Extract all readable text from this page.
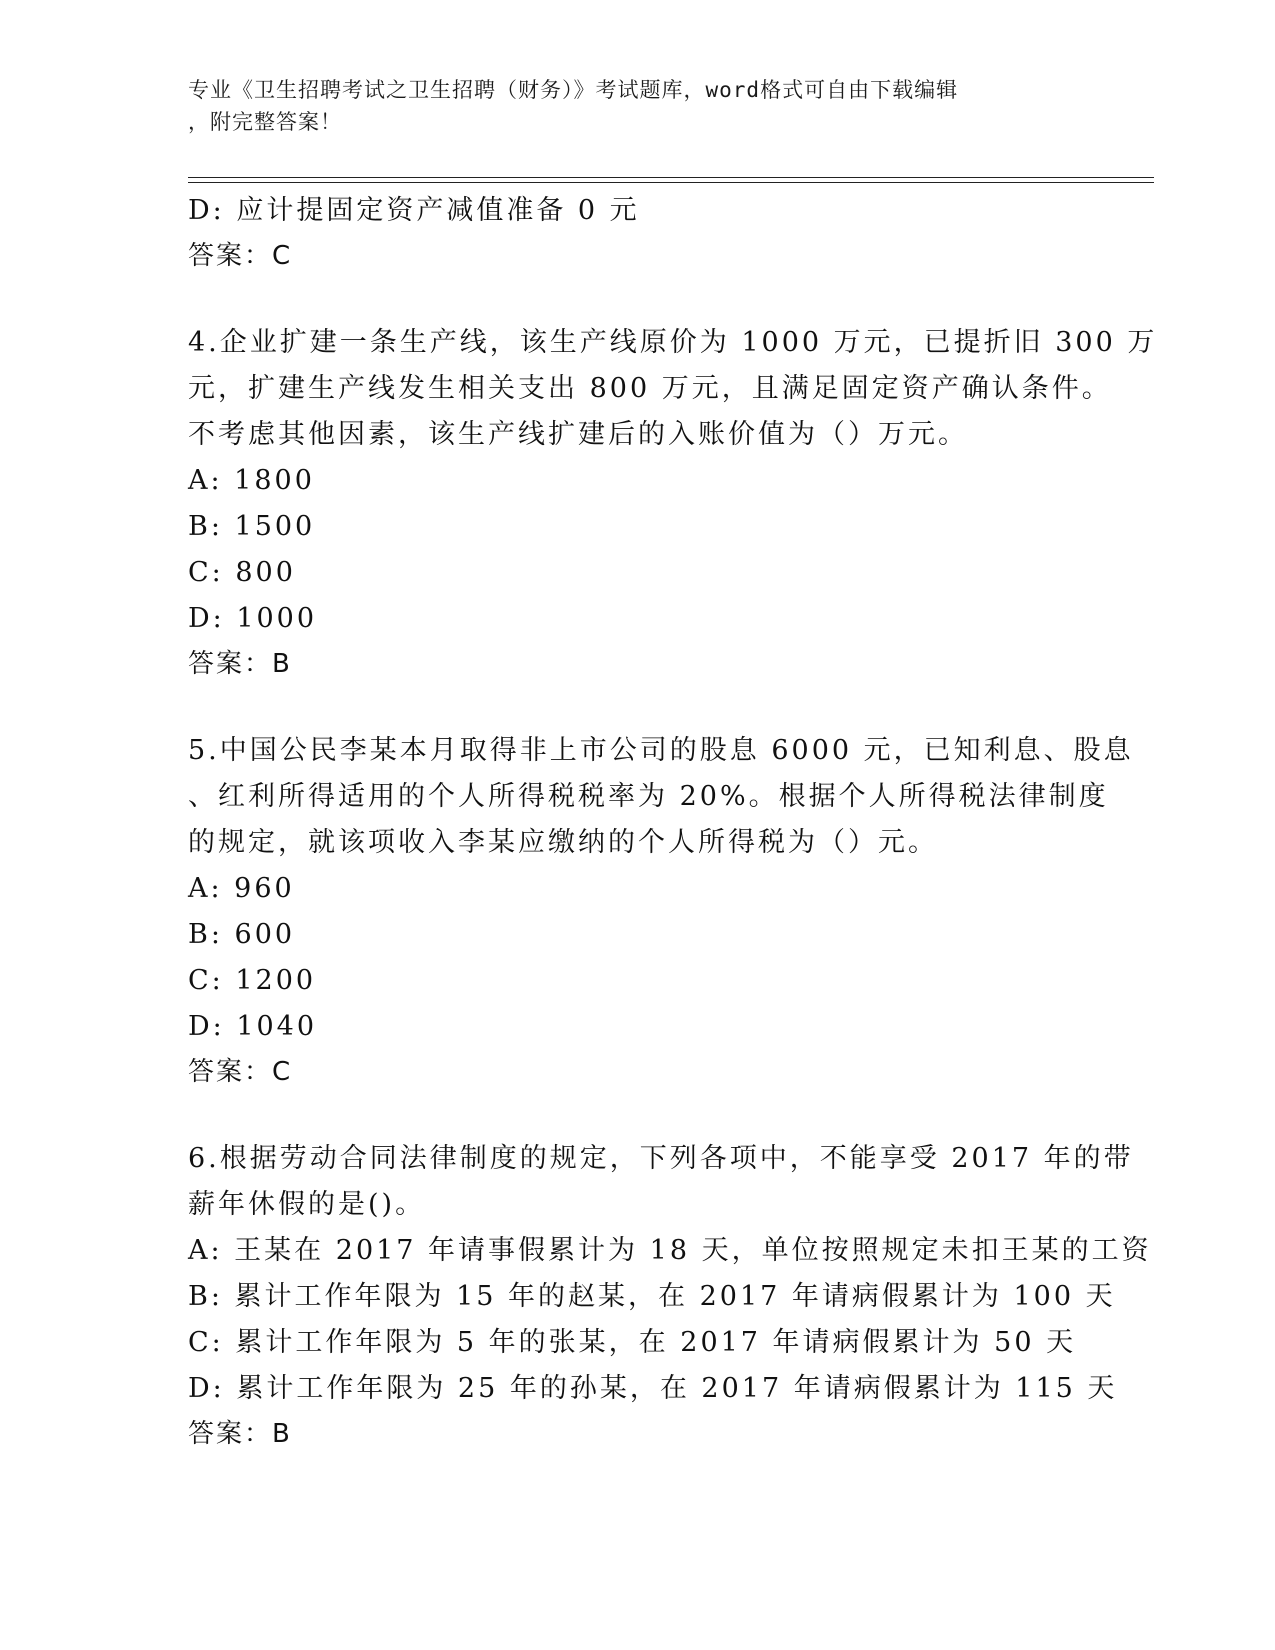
专业《卫生招聘考试之卫生招聘（财务）》考试题库，word格式可自由下载编辑
，附完整答案！
D: 应计提固定资产减值准备 0 元
答案：C
4.企业扩建一条生产线，该生产线原价为 1000 万元，已提折旧 300 万
元，扩建生产线发生相关支出 800 万元，且满足固定资产确认条件。
不考虑其他因素，该生产线扩建后的入账价值为（）万元。
A: 1800
B: 1500
C: 800
D: 1000
答案：B
5.中国公民李某本月取得非上市公司的股息 6000 元，已知利息、股息
、红利所得适用的个人所得税税率为 20%。根据个人所得税法律制度
的规定，就该项收入李某应缴纳的个人所得税为（）元。
A: 960
B: 600
C: 1200
D: 1040
答案：C
6.根据劳动合同法律制度的规定，下列各项中，不能享受 2017 年的带
薪年休假的是()。
A: 王某在 2017 年请事假累计为 18 天，单位按照规定未扣王某的工资
B: 累计工作年限为 15 年的赵某，在 2017 年请病假累计为 100 天
C: 累计工作年限为 5 年的张某，在 2017 年请病假累计为 50 天
D: 累计工作年限为 25 年的孙某，在 2017 年请病假累计为 115 天
答案：B
